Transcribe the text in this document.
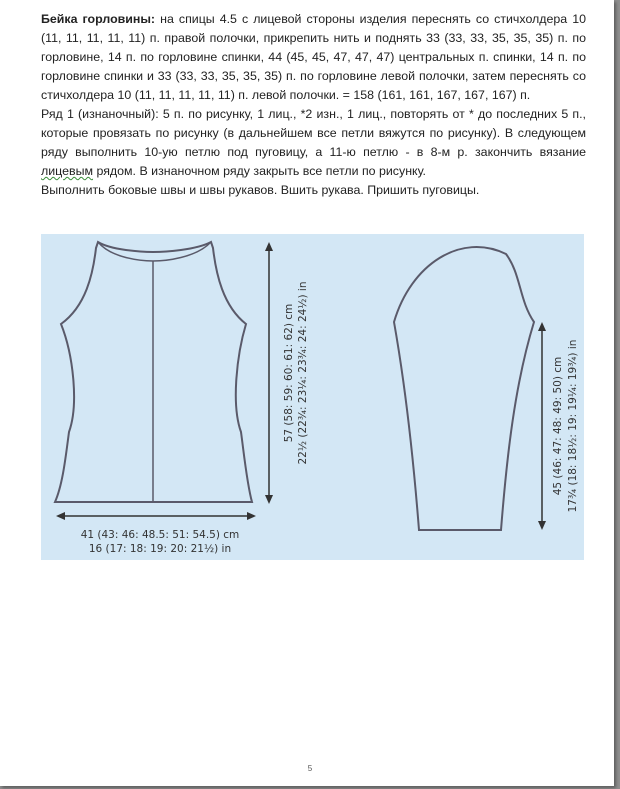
Бейка горловины: на спицы 4.5 с лицевой стороны изделия переснять со стичхолдера 10 (11, 11, 11, 11, 11) п. правой полочки, прикрепить нить и поднять 33 (33, 33, 35, 35, 35) п. по горловине, 14 п. по горловине спинки, 44 (45, 45, 47, 47, 47) центральных п. спинки, 14 п. по горловине спинки и 33 (33, 33, 35, 35, 35) п. по горловине левой полочки, затем переснять со стичхолдера 10 (11, 11, 11, 11, 11) п. левой полочки. = 158 (161, 161, 167, 167, 167) п.

Ряд 1 (изнаночный): 5 п. по рисунку, 1 лиц., *2 изн., 1 лиц., повторять от * до последних 5 п., которые провязать по рисунку (в дальнейшем все петли вяжутся по рисунку). В следующем ряду выполнить 10-ую петлю под пуговицу, а 11-ю петлю - в 8-м р. закончить вязание лицевым рядом. В изнаночном ряду закрыть все петли по рисунку.

Выполнить боковые швы и швы рукавов. Вшить рукава. Пришить пуговицы.

41 (43: 46: 48.5: 51: 54.5) cm
16 (17: 18: 19: 20: 21½) in
57 (58: 59: 60: 61: 62) cm 22½ (22¾: 23¼: 23¾: 24: 24½) in	45 (46: 47: 48: 49: 50) cm 17¾ (18: 18½: 19: 19¼: 19¾) in
5
